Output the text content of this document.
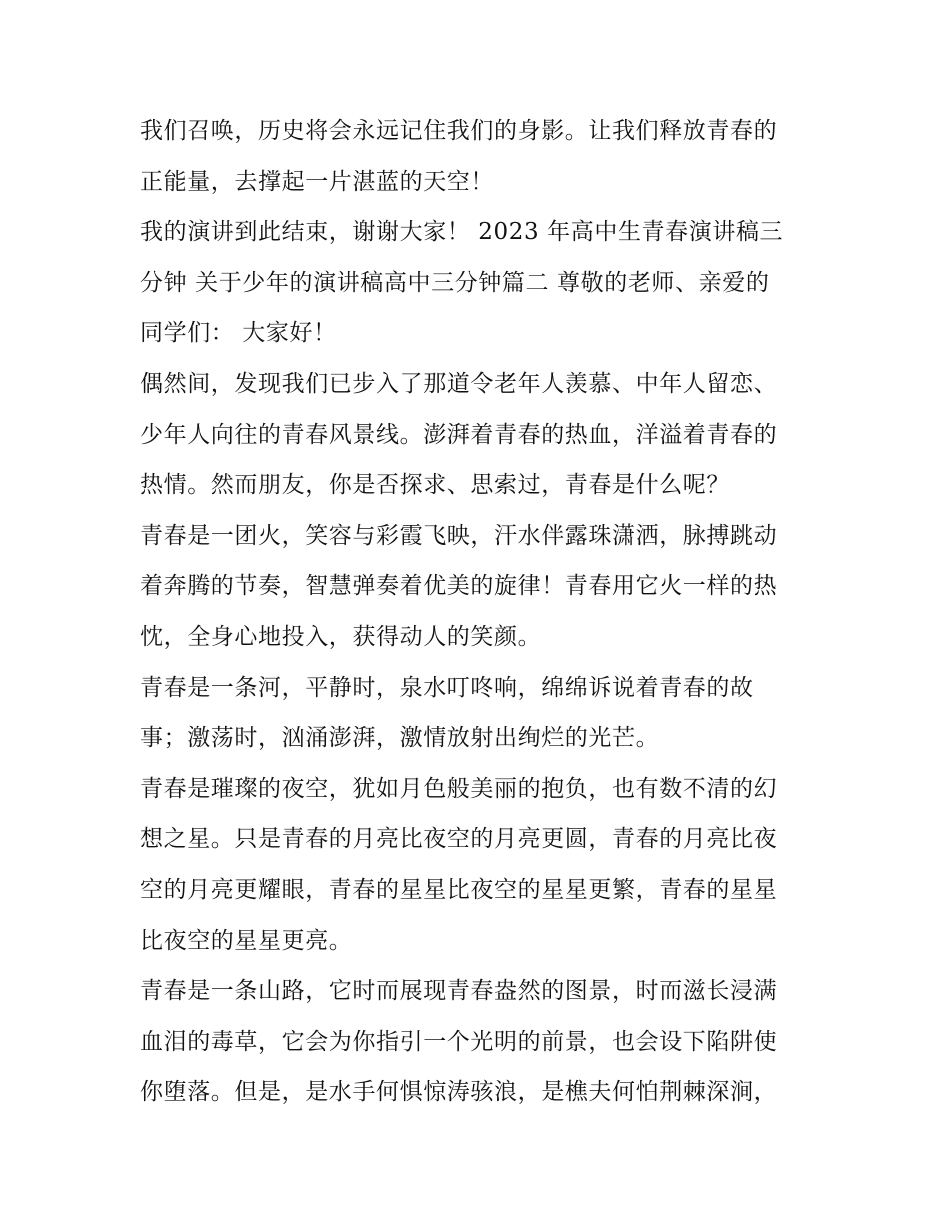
我们召唤，历史将会永远记住我们的身影。让我们释放青春的
正能量，去撑起一片湛蓝的天空！
我的演讲到此结束，谢谢大家！ 2023 年高中生青春演讲稿三
分钟 关于少年的演讲稿高中三分钟篇二 尊敬的老师、亲爱的
同学们： 大家好！
偶然间，发现我们已步入了那道令老年人羡慕、中年人留恋、
少年人向往的青春风景线。澎湃着青春的热血，洋溢着青春的
热情。然而朋友，你是否探求、思索过，青春是什么呢？
青春是一团火，笑容与彩霞飞映，汗水伴露珠潇洒，脉搏跳动
着奔腾的节奏，智慧弹奏着优美的旋律！青春用它火一样的热
忱，全身心地投入，获得动人的笑颜。
青春是一条河，平静时，泉水叮咚响，绵绵诉说着青春的故
事；激荡时，汹涌澎湃，激情放射出绚烂的光芒。
青春是璀璨的夜空，犹如月色般美丽的抱负，也有数不清的幻
想之星。只是青春的月亮比夜空的月亮更圆，青春的月亮比夜
空的月亮更耀眼，青春的星星比夜空的星星更繁，青春的星星
比夜空的星星更亮。
青春是一条山路，它时而展现青春盎然的图景，时而滋长浸满
血泪的毒草，它会为你指引一个光明的前景，也会设下陷阱使
你堕落。但是，是水手何惧惊涛骇浪，是樵夫何怕荆棘深涧，
